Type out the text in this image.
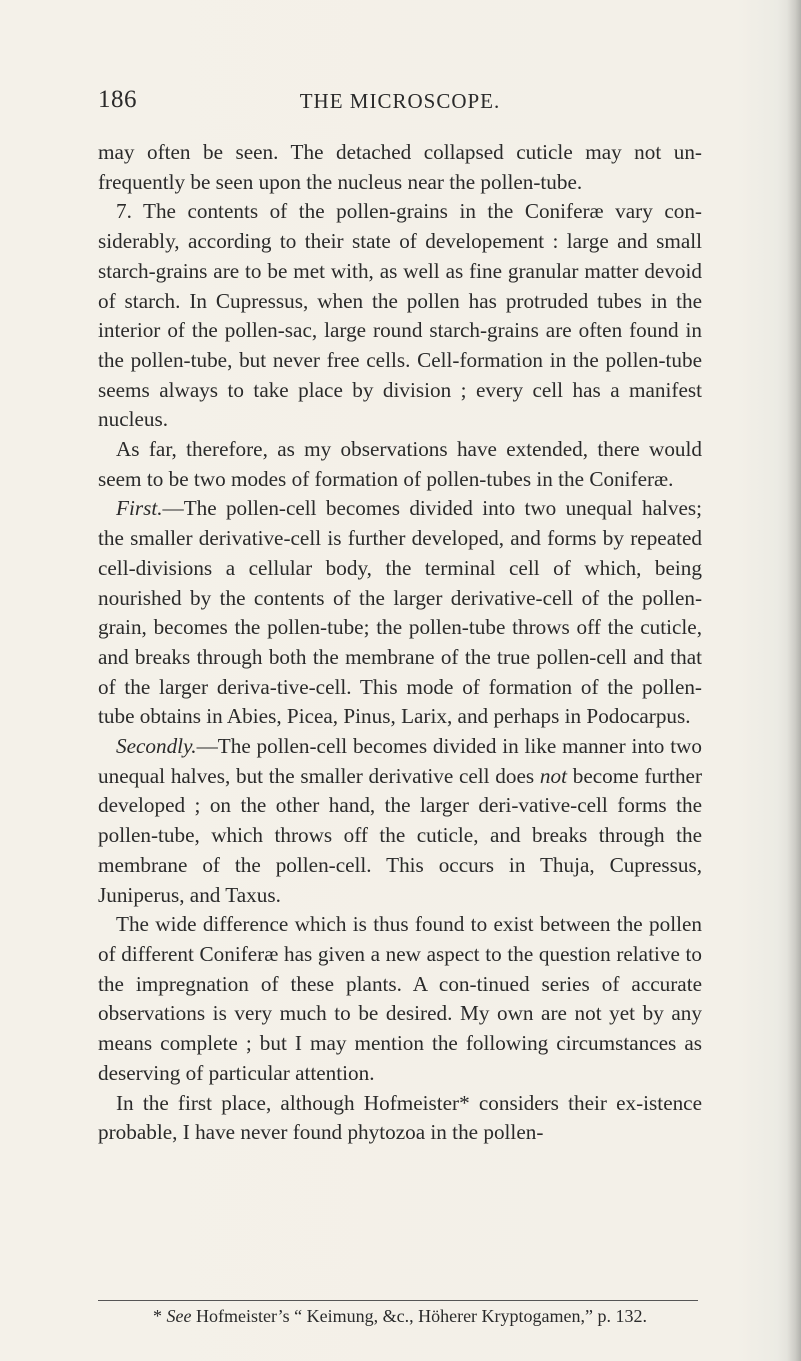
186	THE MICROSCOPE.

may often be seen. The detached collapsed cuticle may not un-frequently be seen upon the nucleus near the pollen-tube.

7. The contents of the pollen-grains in the Coniferæ vary con-siderably, according to their state of developement : large and small starch-grains are to be met with, as well as fine granular matter devoid of starch. In Cupressus, when the pollen has protruded tubes in the interior of the pollen-sac, large round starch-grains are often found in the pollen-tube, but never free cells. Cell-formation in the pollen-tube seems always to take place by division ; every cell has a manifest nucleus.

As far, therefore, as my observations have extended, there would seem to be two modes of formation of pollen-tubes in the Coniferæ.

First.—The pollen-cell becomes divided into two unequal halves; the smaller derivative-cell is further developed, and forms by repeated cell-divisions a cellular body, the terminal cell of which, being nourished by the contents of the larger derivative-cell of the pollen-grain, becomes the pollen-tube; the pollen-tube throws off the cuticle, and breaks through both the membrane of the true pollen-cell and that of the larger deriva-tive-cell. This mode of formation of the pollen-tube obtains in Abies, Picea, Pinus, Larix, and perhaps in Podocarpus.

Secondly.—The pollen-cell becomes divided in like manner into two unequal halves, but the smaller derivative cell does not become further developed ; on the other hand, the larger deri-vative-cell forms the pollen-tube, which throws off the cuticle, and breaks through the membrane of the pollen-cell. This occurs in Thuja, Cupressus, Juniperus, and Taxus.

The wide difference which is thus found to exist between the pollen of different Coniferæ has given a new aspect to the question relative to the impregnation of these plants. A con-tinued series of accurate observations is very much to be desired. My own are not yet by any means complete ; but I may mention the following circumstances as deserving of particular attention.

In the first place, although Hofmeister* considers their ex-istence probable, I have never found phytozoa in the pollen-

* See Hofmeister’s “ Keimung, &c., Höherer Kryptogamen,” p. 132.
